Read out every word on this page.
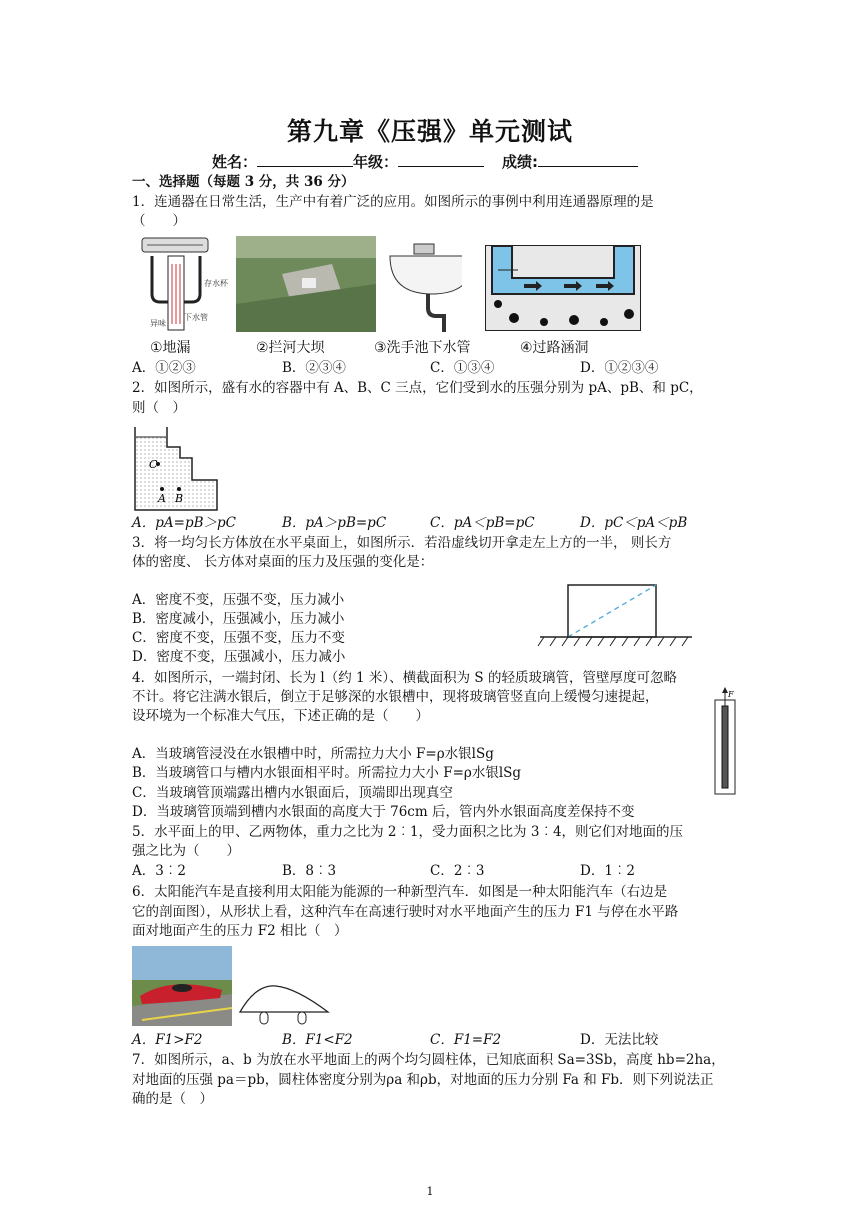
第九章《压强》单元测试
姓名：	年级：	成绩:
一、选择题（每题 3 分，共 36 分）
1．连通器在日常生活，生产中有着广泛的应用。如图所示的事例中利用连通器原理的是
（　　）
存水杯
异味
下水管
①地漏	②拦河大坝	③洗手池下水管	④过路涵洞
A．①②③	B．②③④	C．①③④	D．①②③④
2．如图所示，盛有水的容器中有 A、B、C 三点，它们受到水的压强分别为 pA、pB、和 pC，
则（　）
C
A B
A．pA=pB＞pC	B．pA＞pB=pC	C．pA＜pB=pC	D．pC＜pA＜pB
3．将一均匀长方体放在水平桌面上，如图所示．若沿虚线切开拿走左上方的一半， 则长方
体的密度、 长方体对桌面的压力及压强的变化是：
A．密度不变，压强不变，压力减小
B．密度减小，压强减小，压力减小
C．密度不变，压强不变，压力不变
D．密度不变，压强减小，压力减小
4．如图所示，一端封闭、长为 l（约 1 米）、横截面积为 S 的轻质玻璃管，管壁厚度可忽略
不计。将它注满水银后，倒立于足够深的水银槽中，现将玻璃管竖直向上缓慢匀速提起，
设环境为一个标准大气压，下述正确的是（　　）
F
A．当玻璃管浸没在水银槽中时，所需拉力大小 F=ρ水银lSg
B．当玻璃管口与槽内水银面相平时。所需拉力大小 F=ρ水银lSg
C．当玻璃管顶端露出槽内水银面后，顶端即出现真空
D．当玻璃管顶端到槽内水银面的高度大于 76cm 后，管内外水银面高度差保持不变
5．水平面上的甲、乙两物体，重力之比为 2︰1，受力面积之比为 3︰4，则它们对地面的压
强之比为（　　）
A．3︰2	B．8︰3	C．2︰3	D．1︰2
6．太阳能汽车是直接利用太阳能为能源的一种新型汽车．如图是一种太阳能汽车（右边是
它的剖面图），从形状上看，这种汽车在高速行驶时对水平地面产生的压力 F1 与停在水平路
面对地面产生的压力 F2 相比（　）
A．F1>F2	B．F1<F2	C．F1=F2	D．无法比较
7．如图所示，a、b 为放在水平地面上的两个均匀圆柱体，已知底面积 Sa=3Sb，高度 hb=2ha，
对地面的压强 pa＝pb，圆柱体密度分别为ρa 和ρb，对地面的压力分别 Fa 和 Fb．则下列说法正
确的是（　）
1
